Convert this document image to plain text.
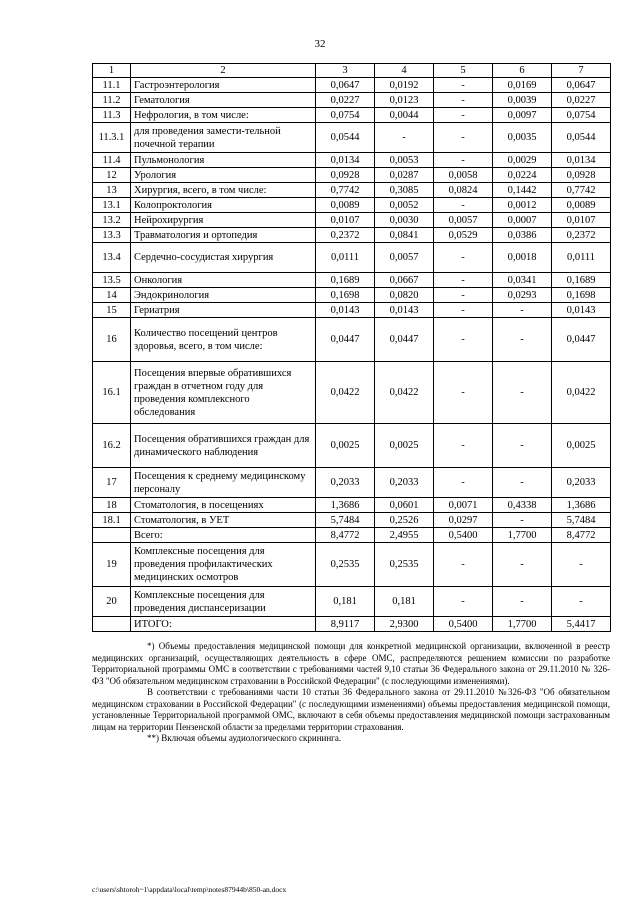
32
1	2	3	4	5	6	7
11.1	Гастроэнтерология	0,0647	0,0192	-	0,0169	0,0647
11.2	Гематология	0,0227	0,0123	-	0,0039	0,0227
11.3	Нефрология, в том числе:	0,0754	0,0044	-	0,0097	0,0754
11.3.1	для проведения замести-тельной почечной терапии	0,0544	-	-	0,0035	0,0544
11.4	Пульмонология	0,0134	0,0053	-	0,0029	0,0134
12	Урология	0,0928	0,0287	0,0058	0,0224	0,0928
13	Хирургия, всего, в том числе:	0,7742	0,3085	0,0824	0,1442	0,7742
13.1	Колопроктология	0,0089	0,0052	-	0,0012	0,0089
13.2	Нейрохирургия	0,0107	0,0030	0,0057	0,0007	0,0107
13.3	Травматология и ортопедия	0,2372	0,0841	0,0529	0,0386	0,2372
13.4	Сердечно-сосудистая хирургия	0,0111	0,0057	-	0,0018	0,0111
13.5	Онкология	0,1689	0,0667	-	0,0341	0,1689
14	Эндокринология	0,1698	0,0820	-	0,0293	0,1698
15	Гериатрия	0,0143	0,0143	-	-	0,0143
16	Количество посещений центров здоровья, всего, в том числе:	0,0447	0,0447	-	-	0,0447
16.1	Посещения впервые обратившихся граждан в отчетном году для проведения комплексного обследования	0,0422	0,0422	-	-	0,0422
16.2	Посещения обратившихся граждан для динамического наблюдения	0,0025	0,0025	-	-	0,0025
17	Посещения к среднему медицинскому персоналу	0,2033	0,2033	-	-	0,2033
18	Стоматология, в посещениях	1,3686	0,0601	0,0071	0,4338	1,3686
18.1	Стоматология, в УЕТ	5,7484	0,2526	0,0297	-	5,7484
	Всего:	8,4772	2,4955	0,5400	1,7700	8,4772
19	Комплексные посещения для проведения профилактических медицинских осмотров	0,2535	0,2535	-	-	-
20	Комплексные посещения для проведения диспансеризации	0,181	0,181	-	-	-
	ИТОГО:	8,9117	2,9300	0,5400	1,7700	5,4417

*) Объемы предоставления медицинской помощи для конкретной медицинской организации, включенной в реестр медицинских организаций, осуществляющих деятельность в сфере ОМС, распределяются решением комиссии по разработке Территориальной программы ОМС в соответствии с требованиями частей 9,10 статьи 36 Федерального закона от 29.11.2010 № 326-ФЗ "Об обязательном медицинском страховании в Российской Федерации" (с последующими изменениями).

В соответствии с требованиями части 10 статьи 36 Федерального закона от 29.11.2010 №326-ФЗ "Об обязательном медицинском страховании в Российской Федерации" (с последующими изменениями) объемы предоставления медицинской помощи, установленные Территориальной программой ОМС, включают в себя объемы предоставления медицинской помощи застрахованным лицам на территории Пензенской области за пределами территории страхования.

**) Включая объемы аудиологического скрининга.

c:\users\shtoroh~1\appdata\local\temp\notes87944b\850-an.docx
